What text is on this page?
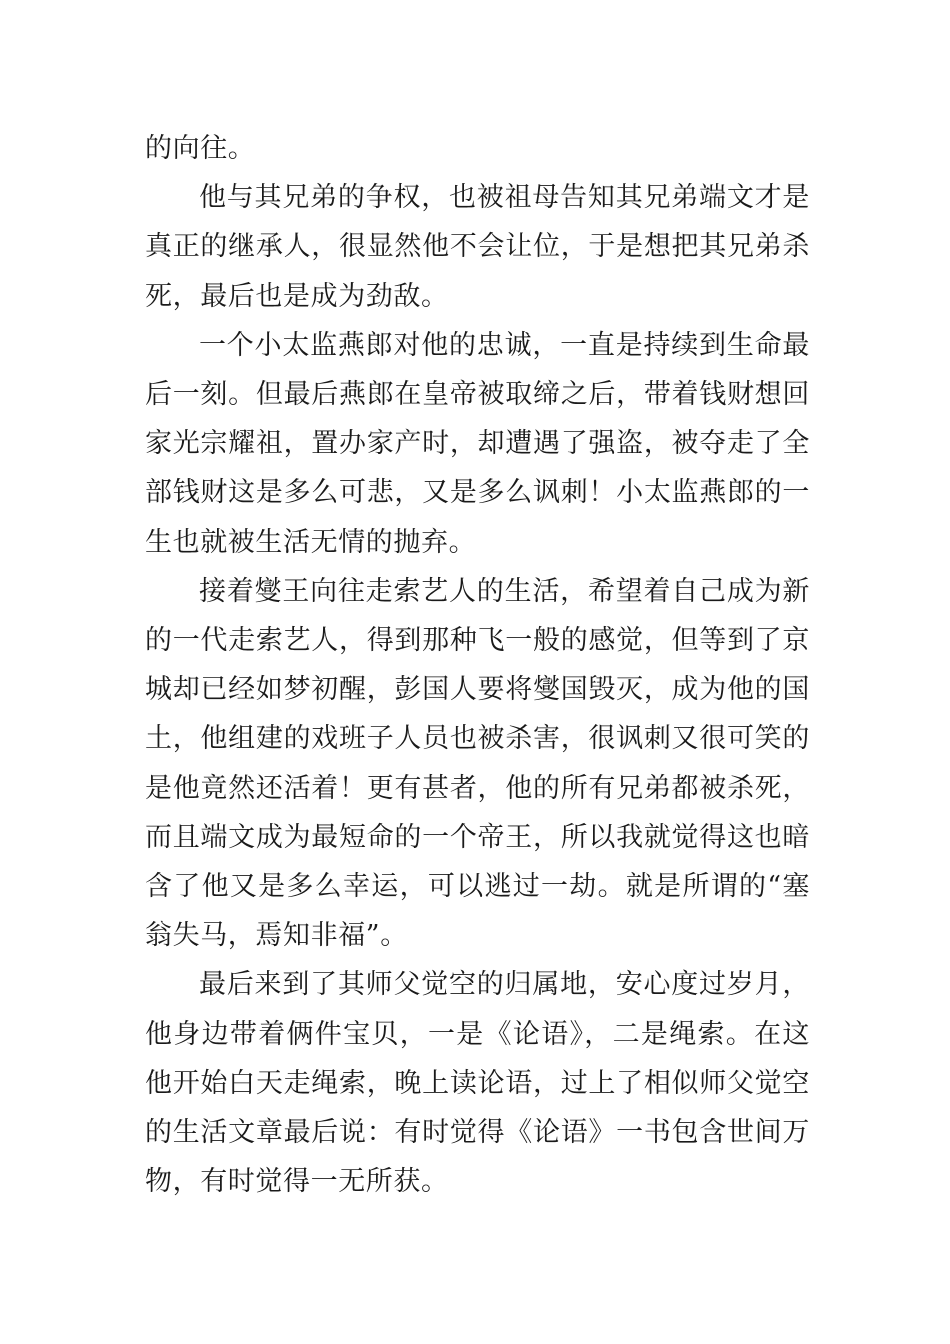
的向往。

他与其兄弟的争权，也被祖母告知其兄弟端文才是真正的继承人，很显然他不会让位，于是想把其兄弟杀死，最后也是成为劲敌。

一个小太监燕郎对他的忠诚，一直是持续到生命最后一刻。但最后燕郎在皇帝被取缔之后，带着钱财想回家光宗耀祖，置办家产时，却遭遇了强盗，被夺走了全部钱财这是多么可悲，又是多么讽刺！小太监燕郎的一生也就被生活无情的抛弃。

接着燮王向往走索艺人的生活，希望着自己成为新的一代走索艺人，得到那种飞一般的感觉，但等到了京城却已经如梦初醒，彭国人要将燮国毁灭，成为他的国土，他组建的戏班子人员也被杀害，很讽刺又很可笑的是他竟然还活着！更有甚者，他的所有兄弟都被杀死，而且端文成为最短命的一个帝王，所以我就觉得这也暗含了他又是多么幸运，可以逃过一劫。就是所谓的“塞翁失马，焉知非福”。

最后来到了其师父觉空的归属地，安心度过岁月，他身边带着俩件宝贝，一是《论语》，二是绳索。在这他开始白天走绳索，晚上读论语，过上了相似师父觉空的生活文章最后说：有时觉得《论语》一书包含世间万物，有时觉得一无所获。
